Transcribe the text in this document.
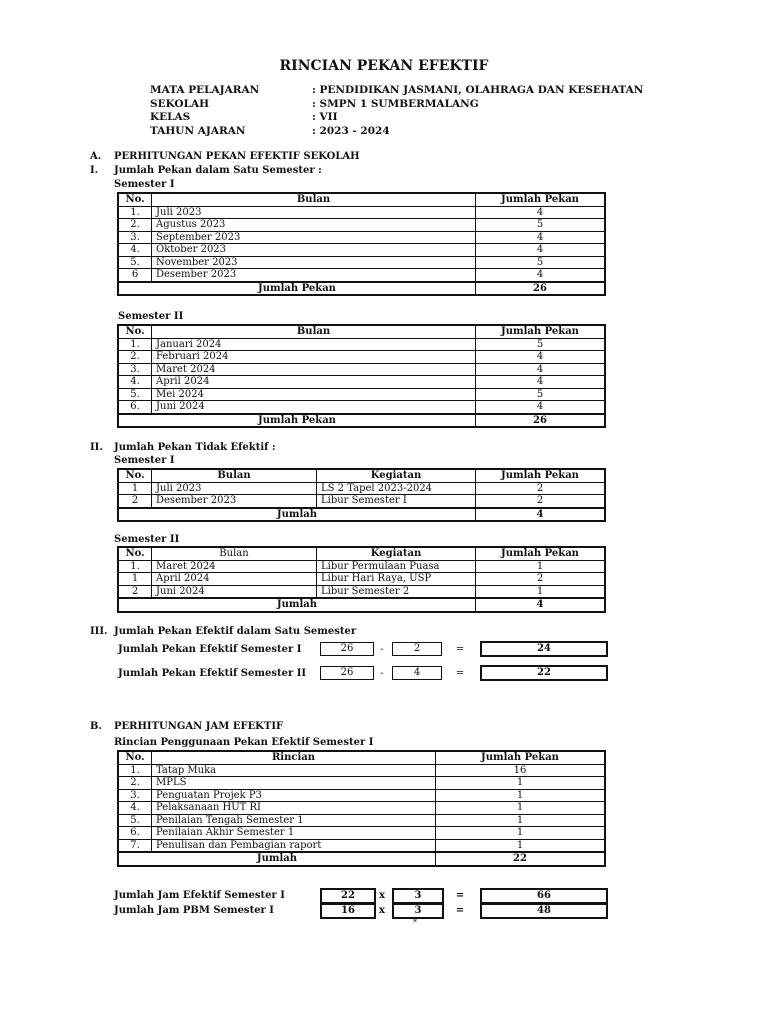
RINCIAN PEKAN EFEKTIF
MATA PELAJARAN	: PENDIDIKAN JASMANI, OLAHRAGA DAN KESEHATAN
SEKOLAH	: SMPN 1 SUMBERMALANG
KELAS	: VII
TAHUN AJARAN	: 2023 - 2024
A. PERHITUNGAN PEKAN EFEKTIF SEKOLAH
I. Jumlah Pekan dalam Satu Semester :
Semester I
No.	Bulan	Jumlah Pekan
1.	Juli 2023	4
2.	Agustus 2023	5
3.	September 2023	4
4.	Oktober 2023	4
5.	November 2023	5
6	Desember 2023	4
Jumlah Pekan		26
Semester II
No.	Bulan	Jumlah Pekan
1.	Januari 2024	5
2.	Februari 2024	4
3.	Maret 2024	4
4.	April 2024	4
5.	Mei 2024	5
6.	Juni 2024	4
Jumlah Pekan		26
II. Jumlah Pekan Tidak Efektif :
Semester I
No.	Bulan	Kegiatan	Jumlah Pekan
1	Juli 2023	LS 2 Tapel 2023-2024	2
2	Desember 2023	Libur Semester I	2
Jumlah			4
Semester II
No.	Bulan	Kegiatan	Jumlah Pekan
1.	Maret 2024	Libur Permulaan Puasa	1
1	April 2024	Libur Hari Raya, USP	2
2	Juni 2024	Libur Semester 2	1
Jumlah			4
III. Jumlah Pekan Efektif dalam Satu Semester
Jumlah Pekan Efektif Semester I	26	-	2	=	24
Jumlah Pekan Efektif Semester II	26	-	4	=	22
B. PERHITUNGAN JAM EFEKTIF
Rincian Penggunaan Pekan Efektif Semester I
No.	Rincian	Jumlah Pekan
1.	Tatap Muka	16
2.	MPLS	1
3.	Penguatan Projek P3	1
4.	Pelaksanaan HUT RI	1
5.	Penilaian Tengah Semester 1	1
6.	Penilaian Akhir Semester 1	1
7.	Penulisan dan Pembagian raport	1
Jumlah		22
Jumlah Jam Efektif Semester I	22	x	3	=	66
Jumlah Jam PBM Semester I	16	x	3	=	48
*
